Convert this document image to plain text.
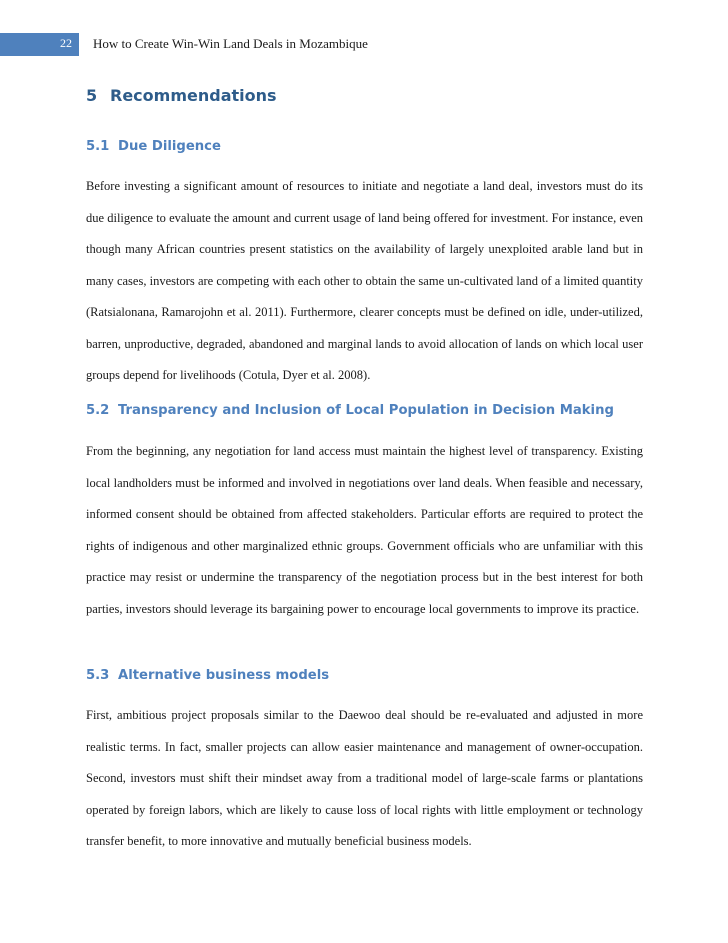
22 How to Create Win-Win Land Deals in Mozambique
5 Recommendations
5.1 Due Diligence

Before investing a significant amount of resources to initiate and negotiate a land deal, investors must do its due diligence to evaluate the amount and current usage of land being offered for investment. For instance, even though many African countries present statistics on the availability of largely unexploited arable land but in many cases, investors are competing with each other to obtain the same un-cultivated land of a limited quantity (Ratsialonana, Ramarojohn et al. 2011). Furthermore, clearer concepts must be defined on idle, under-utilized, barren, unproductive, degraded, abandoned and marginal lands to avoid allocation of lands on which local user groups depend for livelihoods (Cotula, Dyer et al. 2008).

5.2 Transparency and Inclusion of Local Population in Decision Making

From the beginning, any negotiation for land access must maintain the highest level of transparency. Existing local landholders must be informed and involved in negotiations over land deals. When feasible and necessary, informed consent should be obtained from affected stakeholders. Particular efforts are required to protect the rights of indigenous and other marginalized ethnic groups. Government officials who are unfamiliar with this practice may resist or undermine the transparency of the negotiation process but in the best interest for both parties, investors should leverage its bargaining power to encourage local governments to improve its practice.

5.3 Alternative business models

First, ambitious project proposals similar to the Daewoo deal should be re-evaluated and adjusted in more realistic terms. In fact, smaller projects can allow easier maintenance and management of owner-occupation. Second, investors must shift their mindset away from a traditional model of large-scale farms or plantations operated by foreign labors, which are likely to cause loss of local rights with little employment or technology transfer benefit, to more innovative and mutually beneficial business models.
